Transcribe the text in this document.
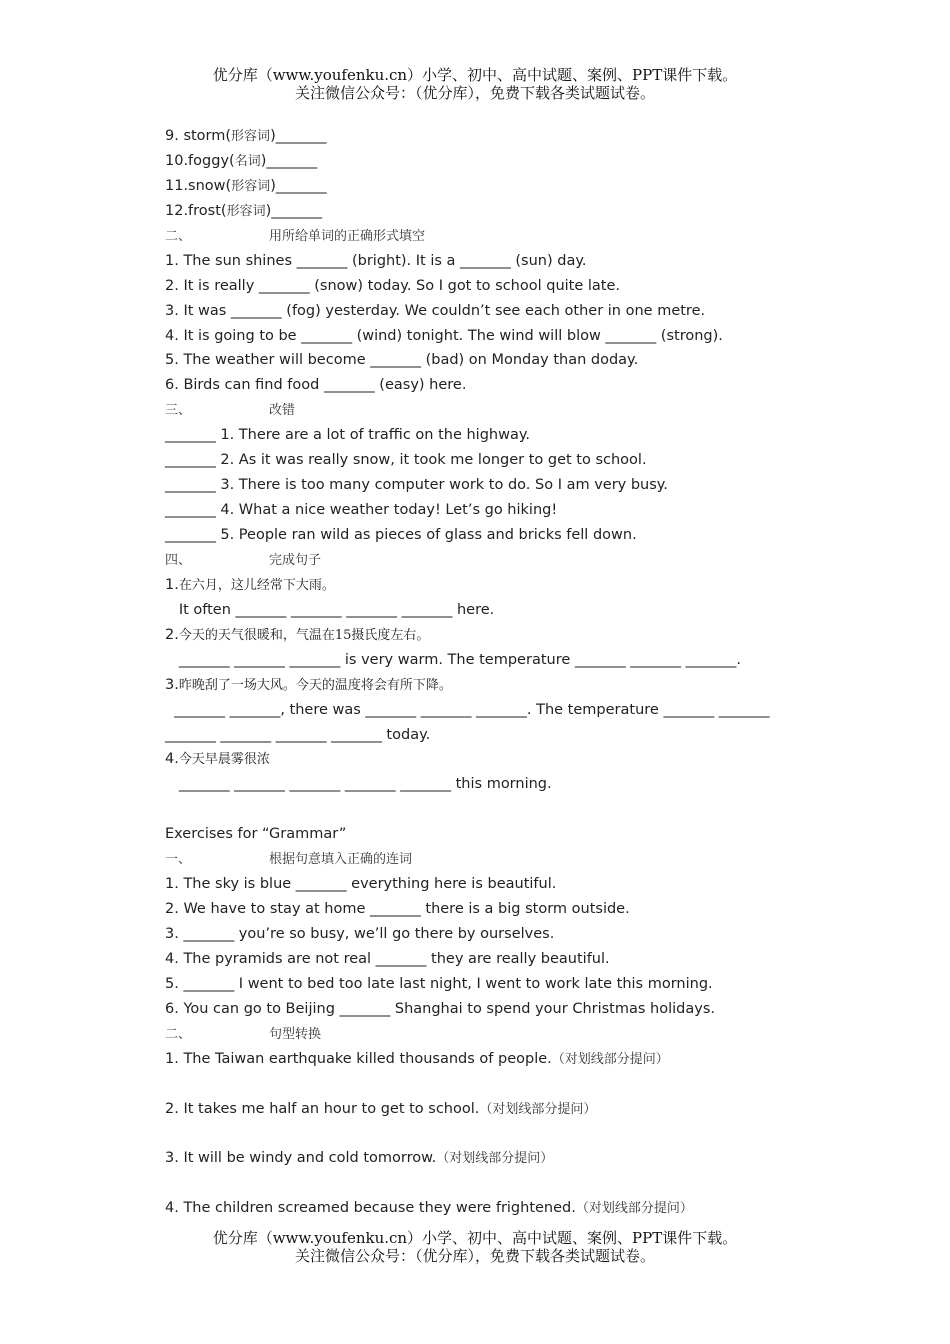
优分库（www.youfenku.cn）小学、初中、高中试题、案例、PPT课件下载。
关注微信公众号：（优分库），免费下载各类试题试卷。
9. storm(形容词)_______
10.foggy(名词)_______
11.snow(形容词)_______
12.frost(形容词)_______
二、	用所给单词的正确形式填空
1. The sun shines _______ (bright). It is a _______ (sun) day.
2. It is really _______ (snow) today. So I got to school quite late.
3. It was _______ (fog) yesterday. We couldn’t see each other in one metre.
4. It is going to be _______ (wind) tonight. The wind will blow _______ (strong).
5. The weather will become _______ (bad) on Monday than doday.
6. Birds can find food _______ (easy) here.
三、	改错
_______ 1. There are a lot of traffic on the highway.
_______ 2. As it was really snow, it took me longer to get to school.
_______ 3. There is too many computer work to do. So I am very busy.
_______ 4. What a nice weather today! Let’s go hiking!
_______ 5. People ran wild as pieces of glass and bricks fell down.
四、	完成句子
1.在六月，这儿经常下大雨。
It often _______ _______ _______ _______ here.
2.今天的天气很暖和，气温在15摄氏度左右。
_______ _______ _______ is very warm. The temperature _______ _______ _______.
3.昨晚刮了一场大风。今天的温度将会有所下降。
_______ _______, there was _______ _______ _______. The temperature _______ _______
_______ _______ _______ _______ today.
4.今天早晨雾很浓
_______ _______ _______ _______ _______ this morning.
Exercises for “Grammar”
一、	根据句意填入正确的连词
1. The sky is blue _______ everything here is beautiful.
2. We have to stay at home _______ there is a big storm outside.
3. _______ you’re so busy, we’ll go there by ourselves.
4. The pyramids are not real _______ they are really beautiful.
5. _______ I went to bed too late last night, I went to work late this morning.
6. You can go to Beijing _______ Shanghai to spend your Christmas holidays.
二、	句型转换
1. The Taiwan earthquake killed thousands of people.（对划线部分提问）
2. It takes me half an hour to get to school.（对划线部分提问）
3. It will be windy and cold tomorrow.（对划线部分提问）
4. The children screamed because they were frightened.（对划线部分提问）
优分库（www.youfenku.cn）小学、初中、高中试题、案例、PPT课件下载。
关注微信公众号：（优分库），免费下载各类试题试卷。
